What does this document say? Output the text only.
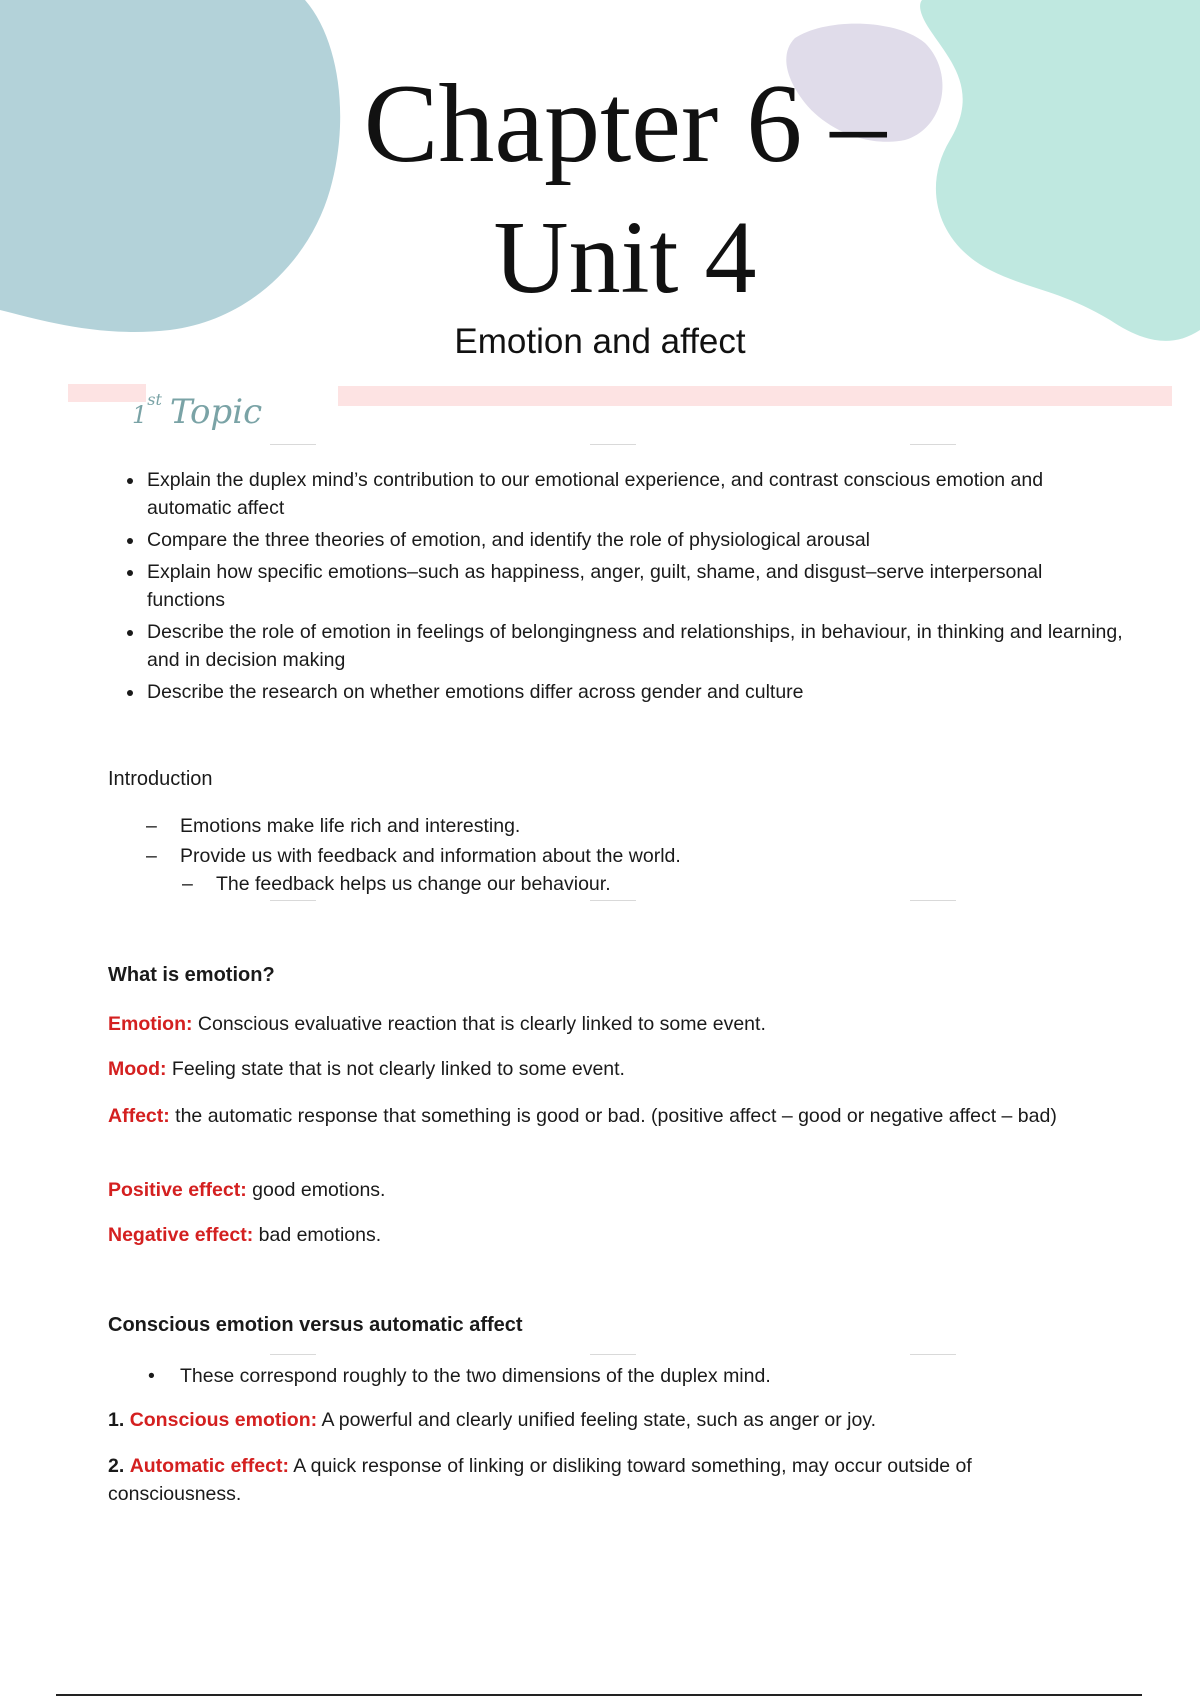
Chapter 6 –
Unit 4

Emotion and affect

1st Topic
• Explain the duplex mind’s contribution to our emotional experience, and contrast conscious emotion and automatic affect
• Compare the three theories of emotion, and identify the role of physiological arousal
• Explain how specific emotions–such as happiness, anger, guilt, shame, and disgust–serve interpersonal functions
• Describe the role of emotion in feelings of belongingness and relationships, in behaviour, in thinking and learning, and in decision making
• Describe the research on whether emotions differ across gender and culture
Introduction
– Emotions make life rich and interesting.
– Provide us with feedback and information about the world.
– The feedback helps us change our behaviour.
What is emotion?

Emotion: Conscious evaluative reaction that is clearly linked to some event.

Mood: Feeling state that is not clearly linked to some event.

Affect: the automatic response that something is good or bad. (positive affect – good or negative affect – bad)

Positive effect: good emotions.

Negative effect: bad emotions.

Conscious emotion versus automatic affect
• These correspond roughly to the two dimensions of the duplex mind.

1. Conscious emotion: A powerful and clearly unified feeling state, such as anger or joy.

2. Automatic effect: A quick response of linking or disliking toward something, may occur outside of consciousness.
